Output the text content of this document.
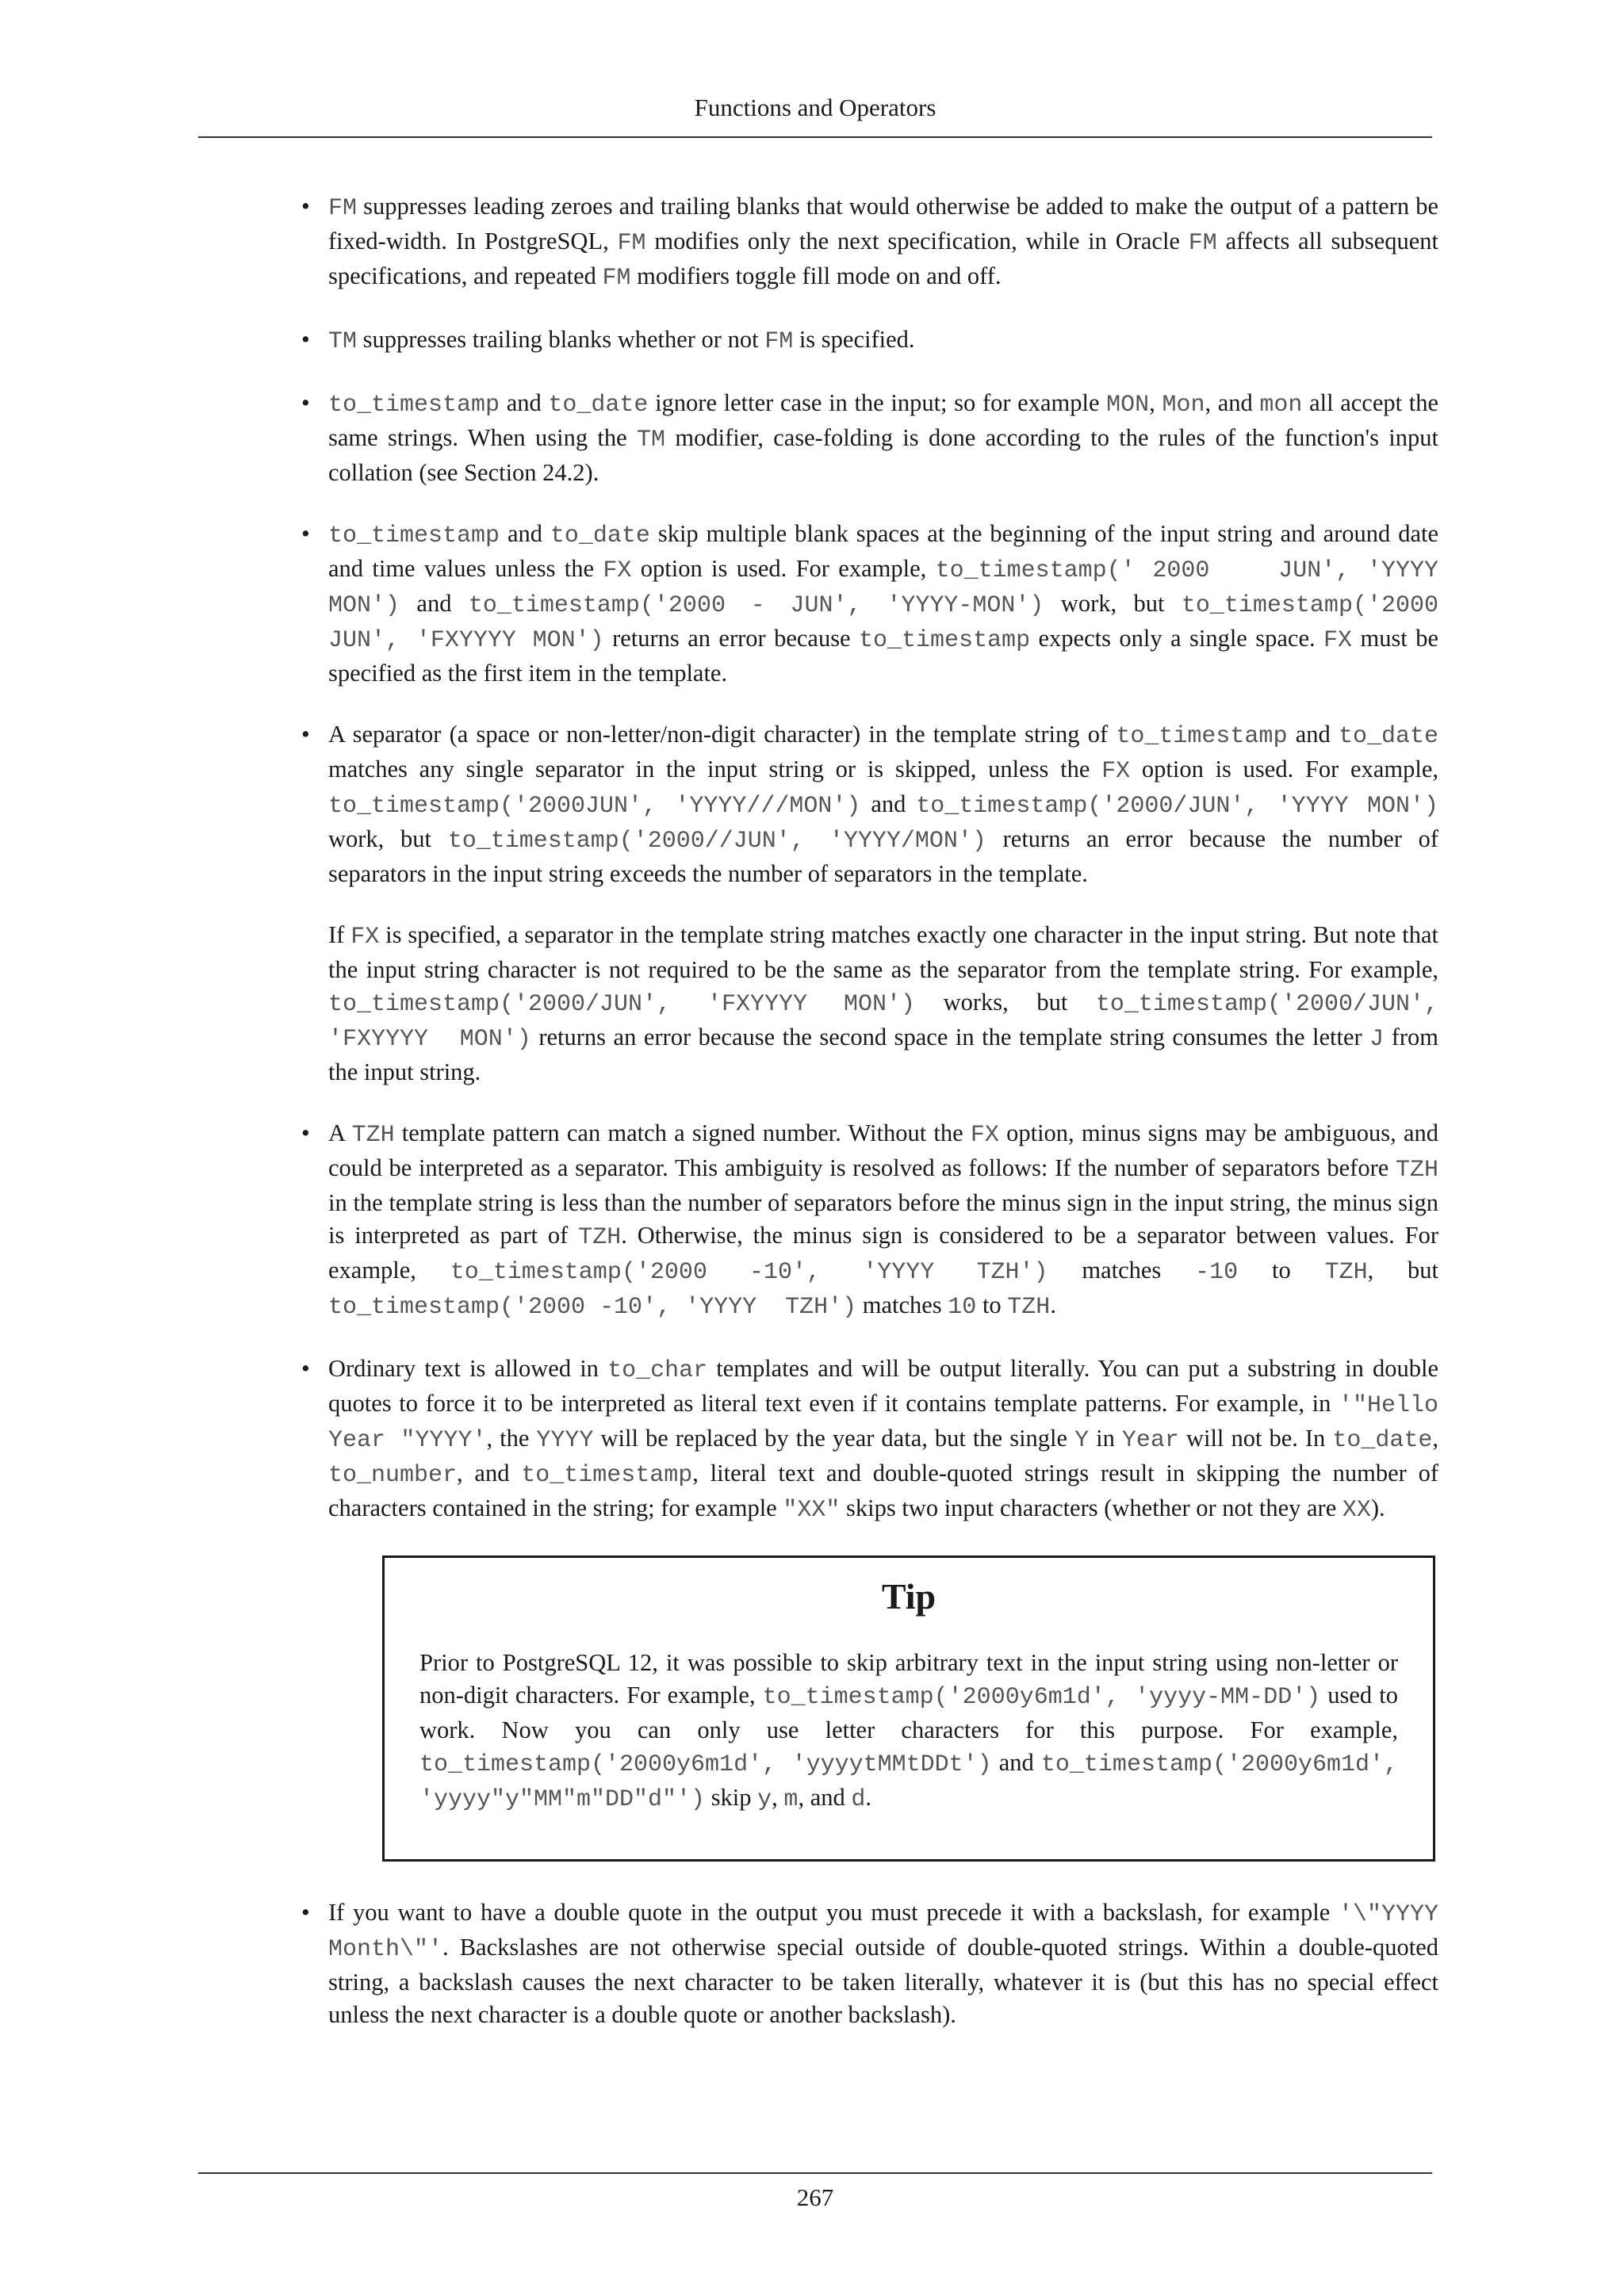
Functions and Operators
• FM suppresses leading zeroes and trailing blanks that would otherwise be added to make the output of a pattern be fixed-width. In PostgreSQL, FM modifies only the next specification, while in Oracle FM affects all subsequent specifications, and repeated FM modifiers toggle fill mode on and off.

• TM suppresses trailing blanks whether or not FM is specified.

• to_timestamp and to_date ignore letter case in the input; so for example MON, Mon, and mon all accept the same strings. When using the TM modifier, case-folding is done according to the rules of the function's input collation (see Section 24.2).

• to_timestamp and to_date skip multiple blank spaces at the beginning of the input string and around date and time values unless the FX option is used. For example, to_timestamp(' 2000    JUN', 'YYYY MON') and to_timestamp('2000 - JUN', 'YYYY-MON') work, but to_timestamp('2000    JUN', 'FXYYYY MON') returns an error because to_timestamp expects only a single space. FX must be specified as the first item in the template.

• A separator (a space or non-letter/non-digit character) in the template string of to_timestamp and to_date matches any single separator in the input string or is skipped, unless the FX option is used. For example, to_timestamp('2000JUN', 'YYYY///MON') and to_timestamp('2000/JUN', 'YYYY MON') work, but to_timestamp('2000//JUN', 'YYYY/MON') returns an error because the number of separators in the input string exceeds the number of separators in the template.

If FX is specified, a separator in the template string matches exactly one character in the input string. But note that the input string character is not required to be the same as the separator from the template string. For example, to_timestamp('2000/JUN', 'FXYYYY MON') works, but to_timestamp('2000/JUN', 'FXYYYY  MON') returns an error because the second space in the template string consumes the letter J from the input string.

• A TZH template pattern can match a signed number. Without the FX option, minus signs may be ambiguous, and could be interpreted as a separator. This ambiguity is resolved as follows: If the number of separators before TZH in the template string is less than the number of separators before the minus sign in the input string, the minus sign is interpreted as part of TZH. Otherwise, the minus sign is considered to be a separator between values. For example, to_timestamp('2000 -10', 'YYYY TZH') matches -10 to TZH, but to_timestamp('2000 -10', 'YYYY  TZH') matches 10 to TZH.

• Ordinary text is allowed in to_char templates and will be output literally. You can put a substring in double quotes to force it to be interpreted as literal text even if it contains template patterns. For example, in '"Hello Year "YYYY', the YYYY will be replaced by the year data, but the single Y in Year will not be. In to_date, to_number, and to_timestamp, literal text and double-quoted strings result in skipping the number of characters contained in the string; for example "XX" skips two input characters (whether or not they are XX).

Tip

Prior to PostgreSQL 12, it was possible to skip arbitrary text in the input string using non-letter or non-digit characters. For example, to_timestamp('2000y6m1d', 'yyyy-MM-DD') used to work. Now you can only use letter characters for this purpose. For example, to_timestamp('2000y6m1d', 'yyyytMMtDDt') and to_timestamp('2000y6m1d', 'yyyy"y"MM"m"DD"d"') skip y, m, and d.

• If you want to have a double quote in the output you must precede it with a backslash, for example '\"YYYY Month\"'. Backslashes are not otherwise special outside of double-quoted strings. Within a double-quoted string, a backslash causes the next character to be taken literally, whatever it is (but this has no special effect unless the next character is a double quote or another backslash).

267
